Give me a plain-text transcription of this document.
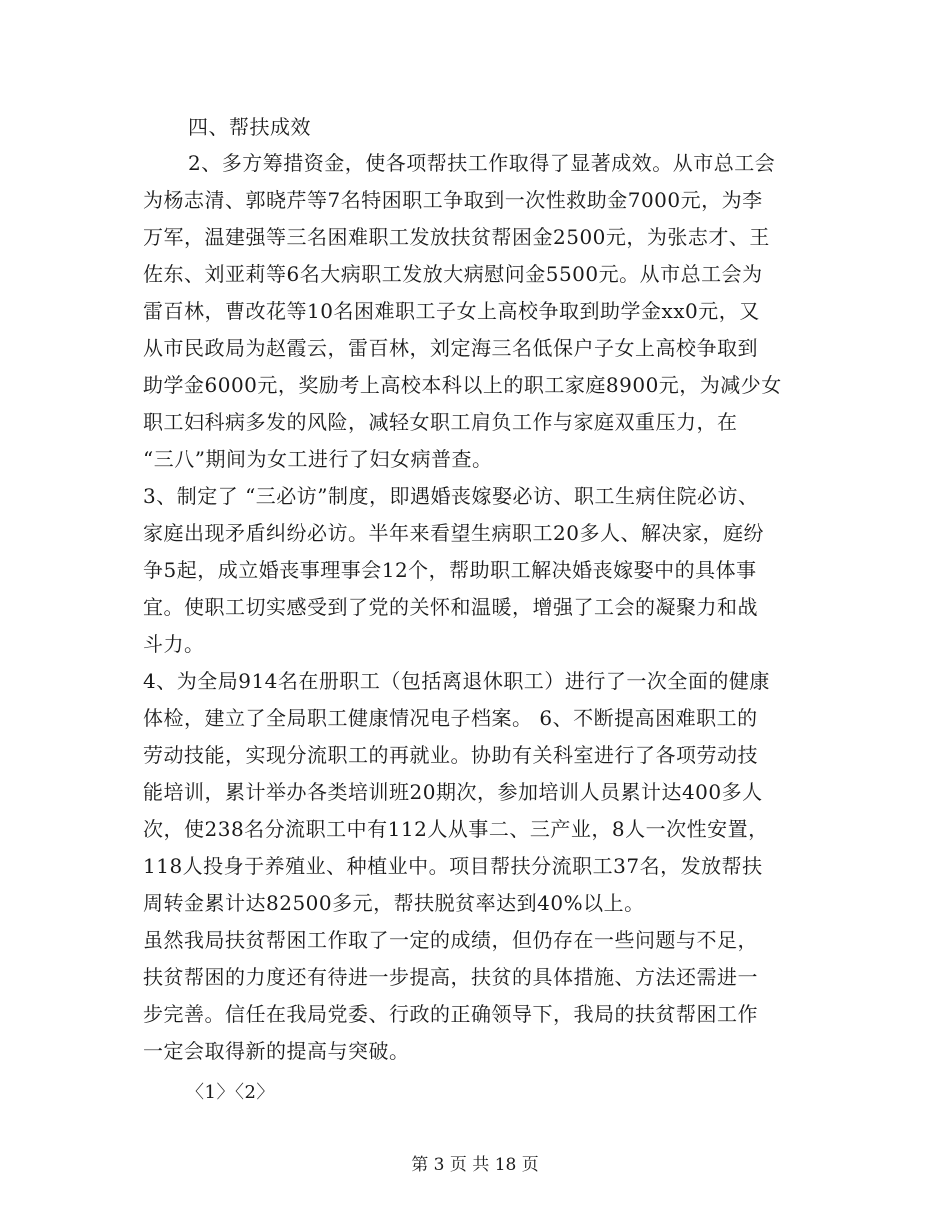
四、帮扶成效
2、多方筹措资金，使各项帮扶工作取得了显著成效。从市总工会
为杨志清、郭晓芹等7名特困职工争取到一次性救助金7000元，为李
万军，温建强等三名困难职工发放扶贫帮困金2500元，为张志才、王
佐东、刘亚莉等6名大病职工发放大病慰问金5500元。从市总工会为
雷百林，曹改花等10名困难职工子女上高校争取到助学金xx0元，又
从市民政局为赵霞云，雷百林，刘定海三名低保户子女上高校争取到
助学金6000元，奖励考上高校本科以上的职工家庭8900元，为减少女
职工妇科病多发的风险，减轻女职工肩负工作与家庭双重压力，在
“三八”期间为女工进行了妇女病普查。
3、制定了 “三必访”制度，即遇婚丧嫁娶必访、职工生病住院必访、
家庭出现矛盾纠纷必访。半年来看望生病职工20多人、解决家，庭纷
争5起，成立婚丧事理事会12个，帮助职工解决婚丧嫁娶中的具体事
宜。使职工切实感受到了党的关怀和温暖，增强了工会的凝聚力和战
斗力。
4、为全局914名在册职工（包括离退休职工）进行了一次全面的健康
体检，建立了全局职工健康情况电子档案。 6、不断提高困难职工的
劳动技能，实现分流职工的再就业。协助有关科室进行了各项劳动技
能培训，累计举办各类培训班20期次，参加培训人员累计达400多人
次，使238名分流职工中有112人从事二、三产业，8人一次性安置，
118人投身于养殖业、种植业中。项目帮扶分流职工37名，发放帮扶
周转金累计达82500多元，帮扶脱贫率达到40%以上。
虽然我局扶贫帮困工作取了一定的成绩，但仍存在一些问题与不足，
扶贫帮困的力度还有待进一步提高，扶贫的具体措施、方法还需进一
步完善。信任在我局党委、行政的正确领导下，我局的扶贫帮困工作
一定会取得新的提高与突破。
〈1〉〈2〉
第 3 页 共 18 页
